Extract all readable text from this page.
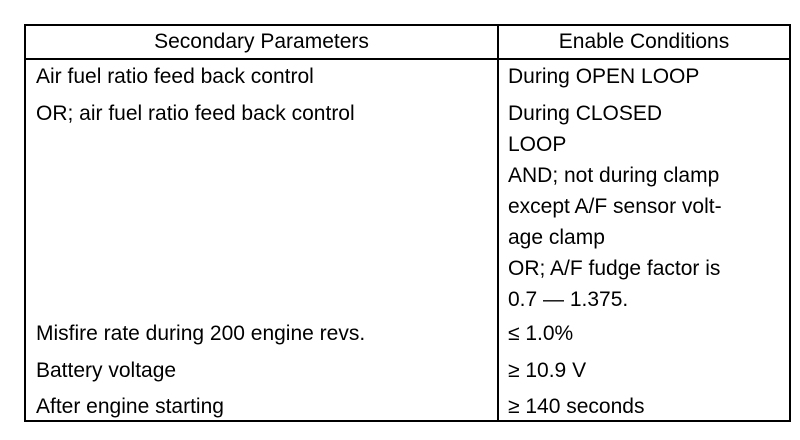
Secondary Parameters	Enable Conditions
Air fuel ratio feed back control	During OPEN LOOP
OR; air fuel ratio feed back control	During CLOSED
LOOP
AND; not during clamp
except A/F sensor volt-
age clamp
OR; A/F fudge factor is
0.7 — 1.375.
Misfire rate during 200 engine revs.	≤ 1.0%
Battery voltage	≥ 10.9 V
After engine starting	≥ 140 seconds
